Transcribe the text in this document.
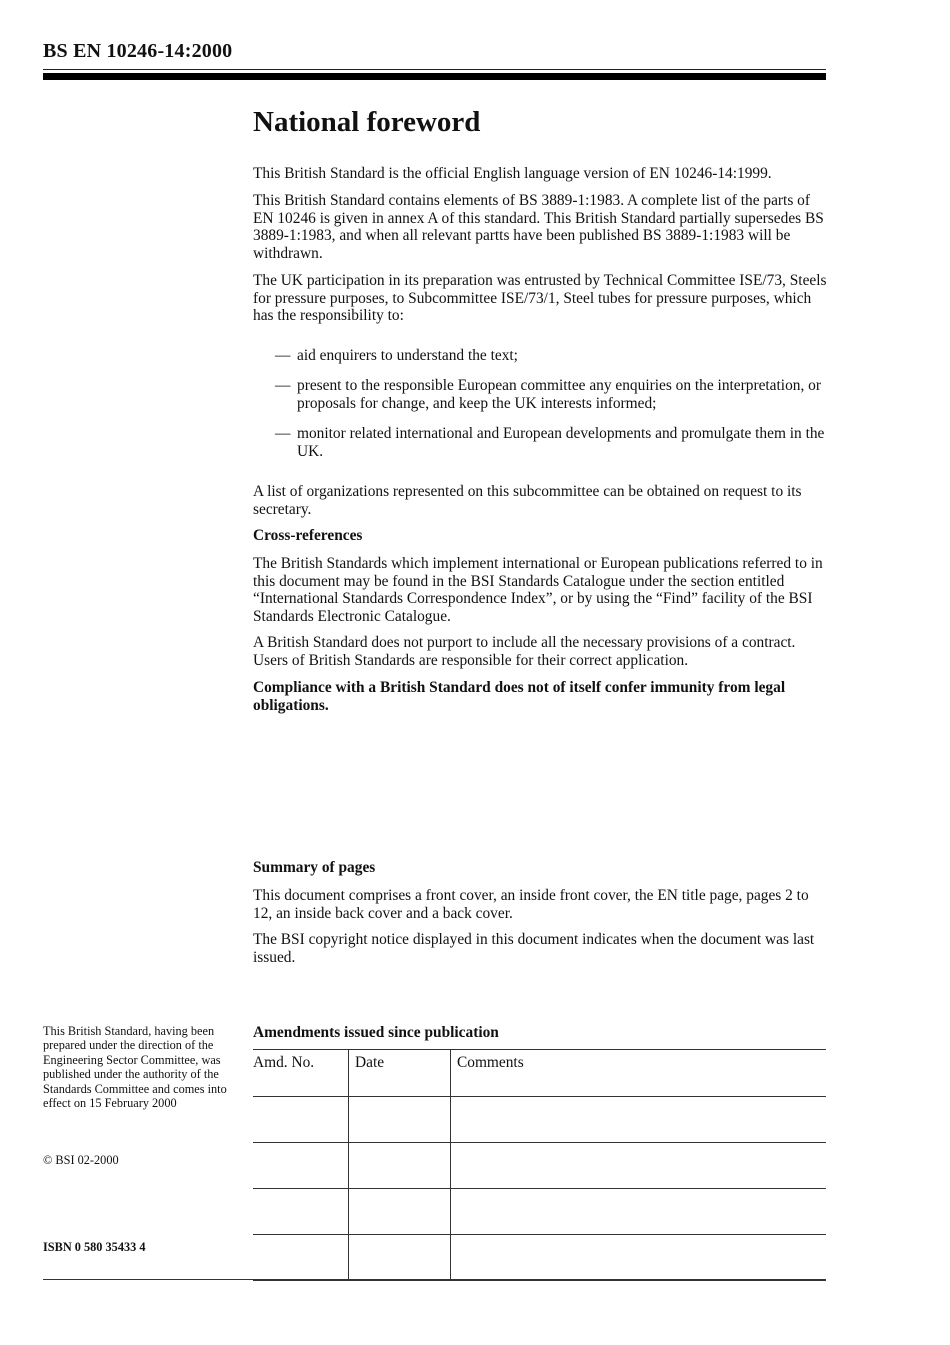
BS EN 10246-14:2000
National foreword

This British Standard is the official English language version of EN 10246-14:1999.

This British Standard contains elements of BS 3889-1:1983. A complete list of the parts of EN 10246 is given in annex A of this standard. This British Standard partially supersedes BS 3889-1:1983, and when all relevant partts have been published BS 3889-1:1983 will be withdrawn.

The UK participation in its preparation was entrusted by Technical Committee ISE/73, Steels for pressure purposes, to Subcommittee ISE/73/1, Steel tubes for pressure purposes, which has the responsibility to:

— aid enquirers to understand the text;
— present to the responsible European committee any enquiries on the interpretation, or proposals for change, and keep the UK interests informed;
— monitor related international and European developments and promulgate them in the UK.

A list of organizations represented on this subcommittee can be obtained on request to its secretary.

Cross-references

The British Standards which implement international or European publications referred to in this document may be found in the BSI Standards Catalogue under the section entitled “International Standards Correspondence Index”, or by using the “Find” facility of the BSI Standards Electronic Catalogue.

A British Standard does not purport to include all the necessary provisions of a contract. Users of British Standards are responsible for their correct application.

Compliance with a British Standard does not of itself confer immunity from legal obligations.

Summary of pages

This document comprises a front cover, an inside front cover, the EN title page, pages 2 to 12, an inside back cover and a back cover.

The BSI copyright notice displayed in this document indicates when the document was last issued.

This British Standard, having been prepared under the direction of the Engineering Sector Committee, was published under the authority of the Standards Committee and comes into effect on 15 February 2000
© BSI 02-2000
ISBN 0 580 35433 4

Amendments issued since publication

Amd. No.	Date	Comments
